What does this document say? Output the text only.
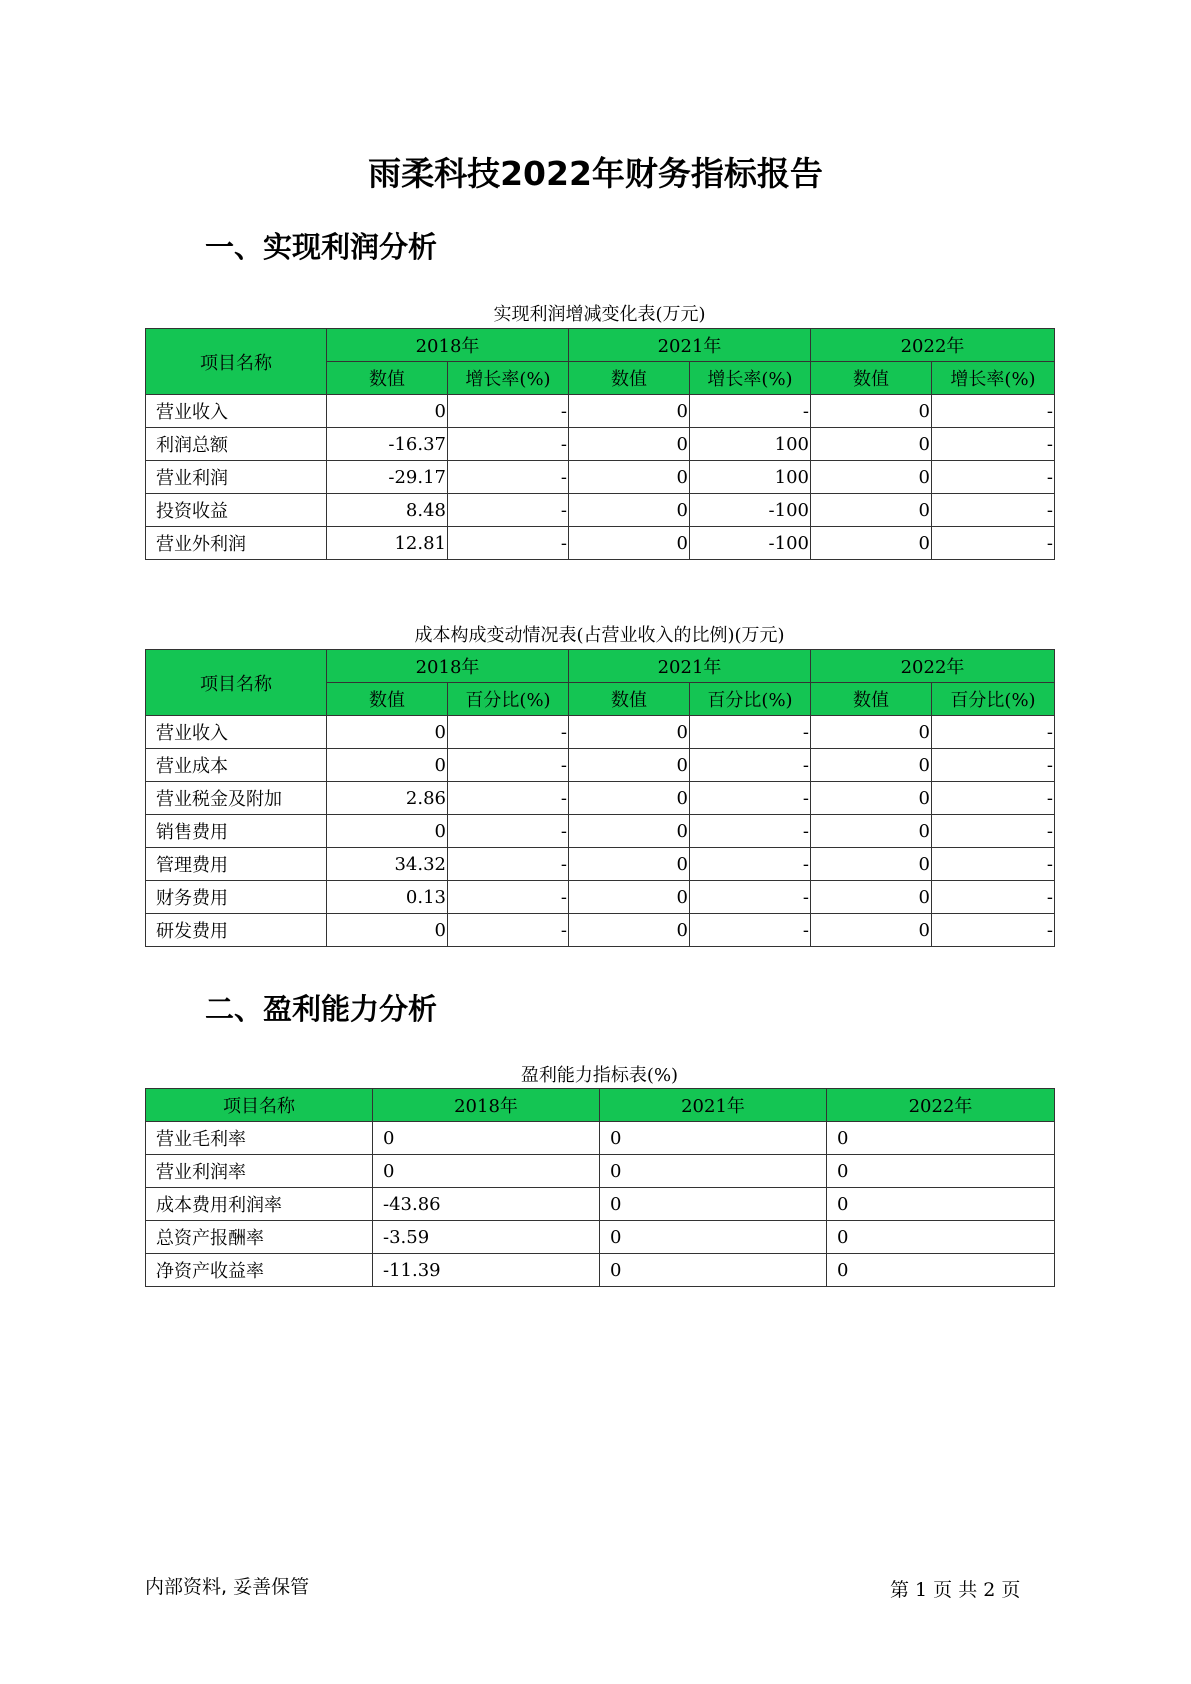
雨柔科技2022年财务指标报告
一、实现利润分析
实现利润增减变化表(万元)
项目名称	2018年		2021年		2022年	
	数值	增长率(%)	数值	增长率(%)	数值	增长率(%)
营业收入	0	-	0	-	0	-
利润总额	-16.37	-	0	100	0	-
营业利润	-29.17	-	0	100	0	-
投资收益	8.48	-	0	-100	0	-
营业外利润	12.81	-	0	-100	0	-
成本构成变动情况表(占营业收入的比例)(万元)
项目名称	2018年		2021年		2022年	
	数值	百分比(%)	数值	百分比(%)	数值	百分比(%)
营业收入	0	-	0	-	0	-
营业成本	0	-	0	-	0	-
营业税金及附加	2.86	-	0	-	0	-
销售费用	0	-	0	-	0	-
管理费用	34.32	-	0	-	0	-
财务费用	0.13	-	0	-	0	-
研发费用	0	-	0	-	0	-
二、盈利能力分析
盈利能力指标表(%)
项目名称	2018年	2021年	2022年
营业毛利率	0	0	0
营业利润率	0	0	0
成本费用利润率	-43.86	0	0
总资产报酬率	-3.59	0	0
净资产收益率	-11.39	0	0
内部资料, 妥善保管	第 1 页 共 2 页
